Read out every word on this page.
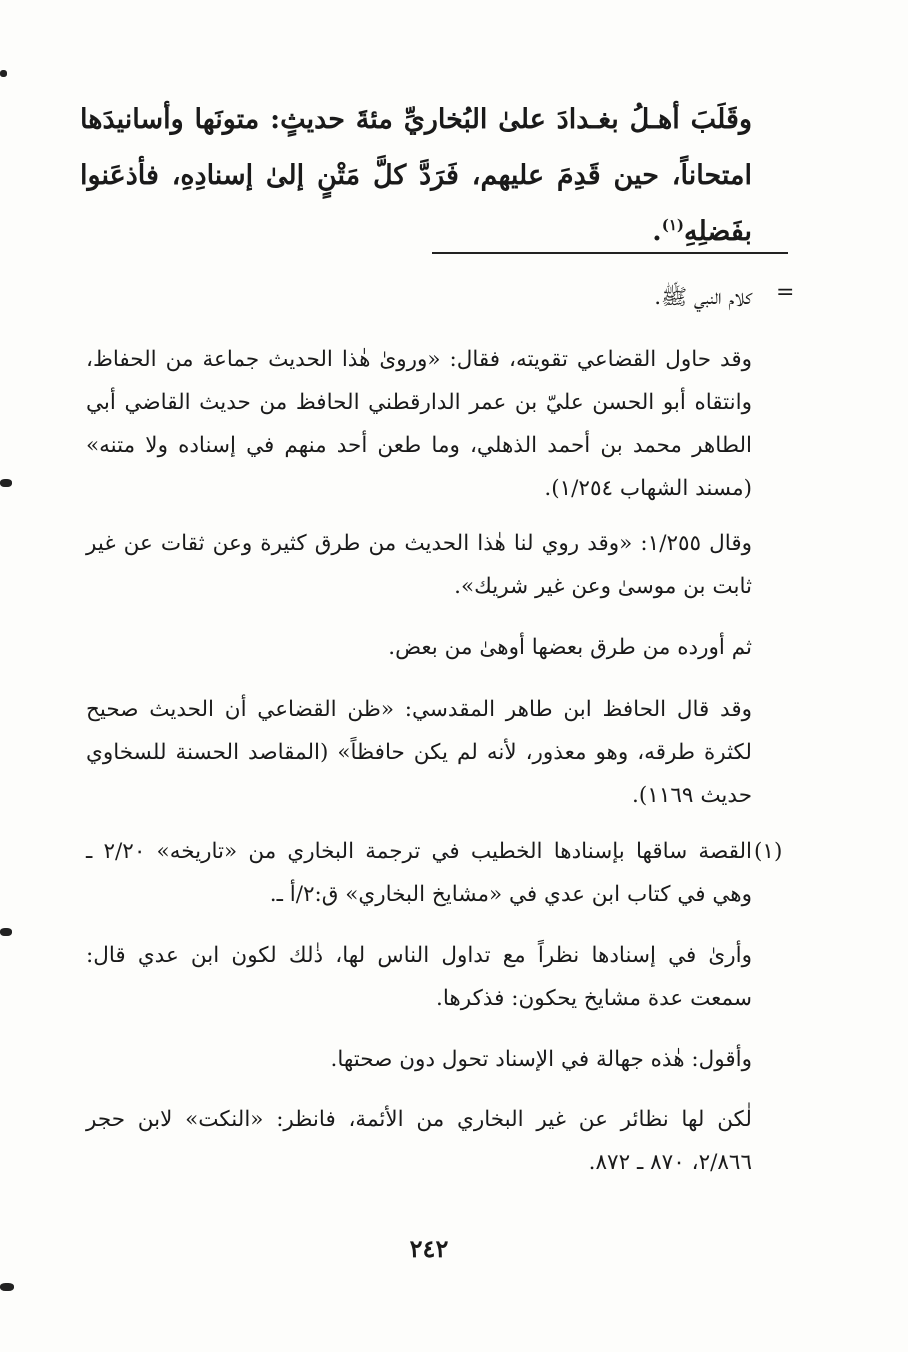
وقَلَبَ أهـلُ بغـدادَ علىٰ البُخاريِّ مئةَ حديثٍ: متونَها وأسانيدَها امتحاناً، حين قَدِمَ عليهم، فَرَدَّ كلَّ مَتْنٍ إلىٰ إسنادِهِ، فأذعَنوا بفَضلِهِ$^{(١)}$.
=
كلام النبي ﷺ.
وقد حاول القضاعي تقويته، فقال: «وروىٰ هٰذا الحديث جماعة من الحفاظ، وانتقاه أبو الحسن عليّ بن عمر الدارقطني الحافظ من حديث القاضي أبي الطاهر محمد بن أحمد الذهلي، وما طعن أحد منهم في إسناده ولا متنه» (مسند الشهاب ١/٢٥٤).
وقال ١/٢٥٥: «وقد روي لنا هٰذا الحديث من طرق كثيرة وعن ثقات عن غير ثابت بن موسىٰ وعن غير شريك».
ثم أورده من طرق بعضها أوهىٰ من بعض.
وقد قال الحافظ ابن طاهر المقدسي: «ظن القضاعي أن الحديث صحيح لكثرة طرقه، وهو معذور، لأنه لم يكن حافظاً» (المقاصد الحسنة للسخاوي حديث ١١٦٩).
(١)
القصة ساقها بإسنادها الخطيب في ترجمة البخاري من «تاريخه» ٢/٢٠ ـ وهي في كتاب ابن عدي في «مشايخ البخاري» ق:٢/أ ـ.
وأرىٰ في إسنادها نظراً مع تداول الناس لها، ذٰلك لكون ابن عدي قال: سمعت عدة مشايخ يحكون: فذكرها.
وأقول: هٰذه جهالة في الإسناد تحول دون صحتها.
لٰكن لها نظائر عن غير البخاري من الأئمة، فانظر: «النكت» لابن حجر ٢/٨٦٦، ٨٧٠ ـ ٨٧٢.
٢٤٢
